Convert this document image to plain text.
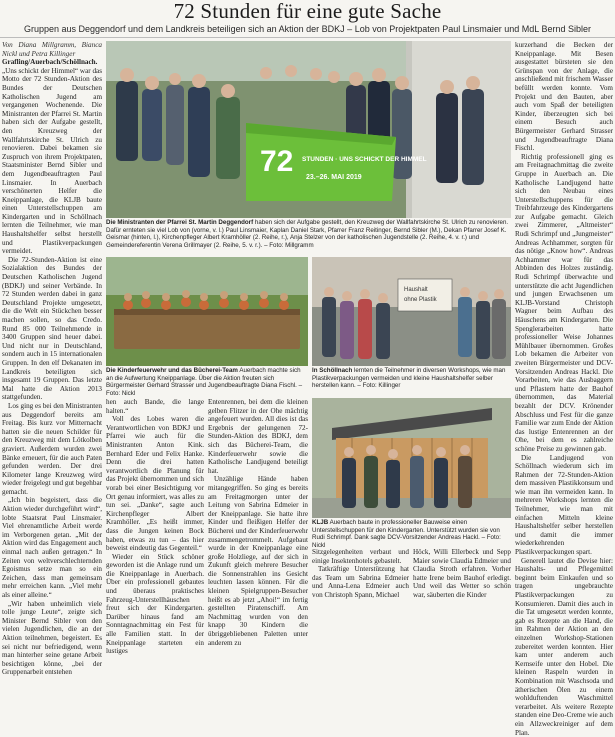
72 Stunden für eine gute Sache
Gruppen aus Deggendorf und dem Landkreis beteiligen sich an Aktion der BDKJ – Lob von Projektpaten Paul Linsmaier und MdL Bernd Sibler

Von Diana Millgramm, Bianca Nickl und Petra Killinger

Grafling/Auerbach/Schöllnach. „Uns schickt der Himmel“ war das Motto der 72 Stunden-Aktion des Bundes der Deutschen Katholischen Jugend am vergangenen Wochenende. Die Ministranten der Pfarrei St. Martin haben sich der Aufgabe gestellt, den Kreuzweg der Wallfahrtskirche St. Ulrich zu renovieren. Dabei bekamen sie Zuspruch von ihrem Projektpaten, Staatsminister Bernd Sibler und dem Jugendbeauftragten Paul Linsmaier. In Auerbach verschönerten Helfer die Kneippanlage, die KLJB baute einen Unterstellschuppen am Kindergarten und in Schöllnach lernten die Teilnehmer, wie man Haushaltshelfer selbst herstellt und Plastikverpackungen vermeidet.

Die 72-Stunden-Aktion ist eine Sozialaktion des Bundes der Deutschen Katholischen Jugend (BDKJ) und seiner Verbände. In 72 Stunden werden dabei in ganz Deutschland Projekte umgesetzt, die die Welt ein Stückchen besser machen sollen, so das Credo. Rund 85 000 Teilnehmende in 3400 Gruppen sind heuer dabei. Und nicht nur in Deutschland, sondern auch in 15 internationalen Gruppen. In den elf Dekanaten im Landkreis beteiligten sich insgesamt 19 Gruppen. Das letzte Mal hatte die Aktion 2013 stattgefunden.

Los ging es bei den Ministranten aus Deggendorf bereits am Freitag. Bis kurz vor Mitternacht hatten sie die neuen Schilder für den Kreuzweg mit dem Lötkolben graviert. Außerdem wurden zwei Bänke erneuert, für die auch Paten gefunden werden. Der drei Kilometer lange Kreuzweg wird wieder freigelegt und gut begehbar gemacht.

„Ich bin begeistert, dass die Aktion wieder durchgeführt wird“, lobte Staatsrat Paul Linsmaier. Viel ehrenamtliche Arbeit werde im Verborgenen getan. „Mit der Aktion wird das Engagement auch einmal nach außen getragen.“ In Zeiten von weltverschlechternden Egoismus setze man so ein Zeichen, dass man gemeinsam mehr erreichen kann. „Viel mehr als einer alleine.“

„Wir haben unheimlich viele tolle junge Leute“, zeigte sich Minister Bernd Sibler von den vielen Jugendlichen, die an der Aktion teilnehmen, begeistert. Es sei nicht nur befriedigend, wenn man hinterher seine getane Arbeit besichtigen könne, „bei der Gruppenarbeit entstehen

72 STUNDEN · UNS SCHICKT DER HIMMEL
23.–26. MAI 2019
Die Ministranten der Pfarrei St. Martin Deggendorf haben sich der Aufgabe gestellt, den Kreuzweg der Wallfahrtskirche St. Ulrich zu renovieren. Dafür ernteten sie viel Lob von (vorne, v. l.) Paul Linsmaier, Kaplan Daniel Stark, Pfarrer Franz Reitinger, Bernd Sibler (M.), Dekan Pfarrer Josef K. Geismar (hinten, l.), Kirchenpfleger Albert Kramhöller (2. Reihe, r.), Anja Stelzer von der katholischen Jugendstelle (2. Reihe, 4. v. r.) und Gemeindereferentin Verena Grillmayer (2. Reihe, 5. v. r.). – Foto: Millgramm
Die Kinderfeuerwehr und das Bücherei-Team Auerbach machte sich an die Aufwertung Kneippanlage. Über die Aktion freuten sich Bürgermeister Gerhard Strasser und Jugendbeauftragte Diana Fischl. – Foto: Nickl
Haushalt
ohne Plastik
In Schöllnach lernten die Teilnehmer in diversen Workshops, wie man Plastikverpackungen vermeiden und kleine Haushaltshelfer selber herstellen kann. – Foto: Killinger
KLJB Auerbach baute in professioneller Bauweise einen Unterstellschuppen für den Kindergarten. Unterstützt wurden sie von Rudi Schrimpf. Dank sagte DCV-Vorsitzender Andreas Hackl. – Foto: Nickl

hen auch Bande, die lange halten.“

Voll des Lobes waren die Verantwortlichen von BDKJ und Pfarrei wie auch für die Ministranten Anton Kink. Bernhard Eder und Felix Hanke. Denn die drei hatten verantwortlich die Planung für das Projekt übernommen und sich vorab bei einer Besichtigung vor Ort genau informiert, was alles zu tun sei. „Danke“, sagte auch Kirchenpfleger Albert Kramhöller. „Es heißt immer, dass die Jungen keinen Bock haben, etwas zu tun – das hier beweist eindeutig das Gegenteil.“

Wieder ein Stück schöner geworden ist die Anlage rund um die Kneippanlage in Auerbach. Über ein professionell gebautes und überaus praktisches Fahrzeug-Unterstellhäuschen freut sich der Kindergarten. Darüber hinaus fand am Sonntagnachmittag ein Fest für alle Familien statt. In der Kneippanlage starteten ein lustiges

Entenrennen, bei dem die kleinen gelben Flitzer in der Ohe mächtig angefeuert wurden. All dies ist das Ergebnis der gelungenen 72-Stunden-Aktion des BDKJ, dem sich das Bücherei-Team, die Kinderfeuerwehr sowie die Katholische Landjugend beteiligt hat.

Unzählige Hände haben mitangegriffen. So ging es bereits am Freitagmorgen unter der Leitung von Sabrina Edmeier in der Kneippanlage. Sie hatte ihre Kinder und fleißigen Helfer der Bücherei und der Kinderfeuerwehr zusammengetrommelt. Aufgebaut wurde in der Kneippanlage eine große Holzliege, auf der sich in Zukunft gleich mehrere Besucher die Sonnenstrahlen ins Gesicht leuchten lassen können. Für die kleinen Spielgruppen-Besucher heißt es ab jetzt „Ahoi!“ im fertig gestellten Piratenschiff. Am Nachmittag wurden von den knapp 30 Kindern die übriggebliebenen Paletten unter anderem zu

Sitzgelegenheiten verbaut und einige Insektenhotels gebastelt.

Tatkräftige Unterstützung hat das Team um Sabrina Edmeier und Anna-Lena Edmeier auch von Christoph Spann, Michael

Höck, Willi Ellerbeck und Sepp Maier sowie Claudia Edmeier und Claudia Stroth erfahren. Vorher hatte Irene beim Bauhof erledigt. Und weil das Wetter so schön war, säuberten die Kinder

kurzerhand die Becken der Kneippanlage. Mit Besen ausgestattet bürsteten sie den Grünspan von der Anlage, die anschließend mit frischem Wasser befüllt werden konnte. Vom Projekt und den Bauten, aber auch vom Spaß der beteiligten Kinder, überzeugten sich bei einem Besuch auch Bürgermeister Gerhard Strasser und Jugendbeauftragte Diana Fischl.

Richtig professionell ging es am Freitagnachmittag die zweite Gruppe in Auerbach an. Die Katholische Landjugend hatte sich den Neubau eines Unterstellschuppens für die Treibfahrzeuge des Kindergartens zur Aufgabe gemacht. Gleich zwei Zimmerer, „Altmeister“ Rudi Schrimpf und „Jungmeister“ Andreas Achhammer, sorgten für das nötige „Know how“. Andreas Achhammer war für das Abbinden des Holzes zuständig. Rudi Schrimpf überwachte und unterstützte die acht Jugendlichen und jungen Erwachsenen um KLJB-Vorstand Christoph Wagner beim Aufbau des Häuschens am Kindergarten. Die Spenglerarbeiten hatte professioneller Weise Johannes Mühlbauer übernommen. Großes Lob bekamen die Arbeiter von zweiten Bürgermeister und DCV-Vorsitzenden Andreas Hackl. Die Vorarbeiten, wie das Ausbaggern und Pflastern hatte der Bauhof übernommen, das Material bezahlt der DCV. Krönender Abschluss und Fest für die ganze Familie war zum Ende der Aktion das lustige Entenrennen an der Ohe, bei dem es zahlreiche schöne Preise zu gewinnen gab.

Die Landjugend von Schöllnach wiederum sich im Rahmen der 72-Stunden-Aktion dem massiven Plastikkonsum und wie man ihn vermeiden kann. In mehreren Workshops lernten die Teilnehmer, wie man mit einfachen Mitteln kleine Haushaltshelfer selber herstellen und damit die immer wiederkehrenden Plastikverpackungen spart.

Generell lautet die Devise hier: Haushalts- und Pflegemittel beginnt beim Einkaufen und so tragen ungebrauchte Plastikverpackungen zu Konsumieren. Damit dies auch in die Tat umgesetzt werden konnte, gab es Rezepte an die Hand, die im Rahmen der Aktion an den einzelnen Workshop-Stationen zubereitet werden konnten. Hier kam unter anderem auch Kernseife unter den Hobel. Die kleinen Raspeln wurden in Kombination mit Waschsoda und ätherischen Ölen zu einem wohlduftenden Waschmittel verarbeitet. Als weitere Rezepte standen eine Deo-Creme wie auch ein Allzweckreiniger auf dem Plan.
